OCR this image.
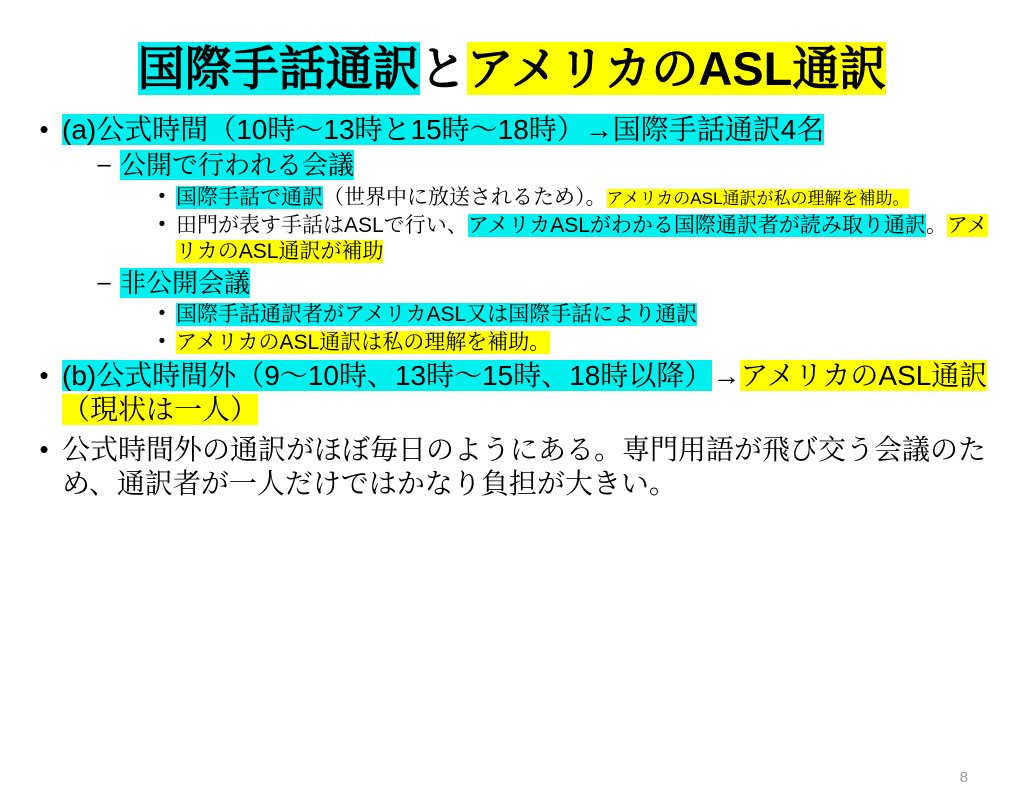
国際手話通訳とアメリカのASL通訳
• (a)公式時間（10時〜13時と15時〜18時）→国際手話通訳4名
– 公開で行われる会議
• 国際手話で通訳（世界中に放送されるため）。アメリカのASL通訳が私の理解を補助。
• 田門が表す手話はASLで行い、アメリカASLがわかる国際通訳者が読み取り通訳。アメリカのASL通訳が補助
– 非公開会議
• 国際手話通訳者がアメリカASL又は国際手話により通訳
• アメリカのASL通訳は私の理解を補助。
• (b)公式時間外（9〜10時、13時〜15時、18時以降）→アメリカのASL通訳（現状は一人）
• 公式時間外の通訳がほぼ毎日のようにある。専門用語が飛び交う会議のため、通訳者が一人だけではかなり負担が大きい。
8
